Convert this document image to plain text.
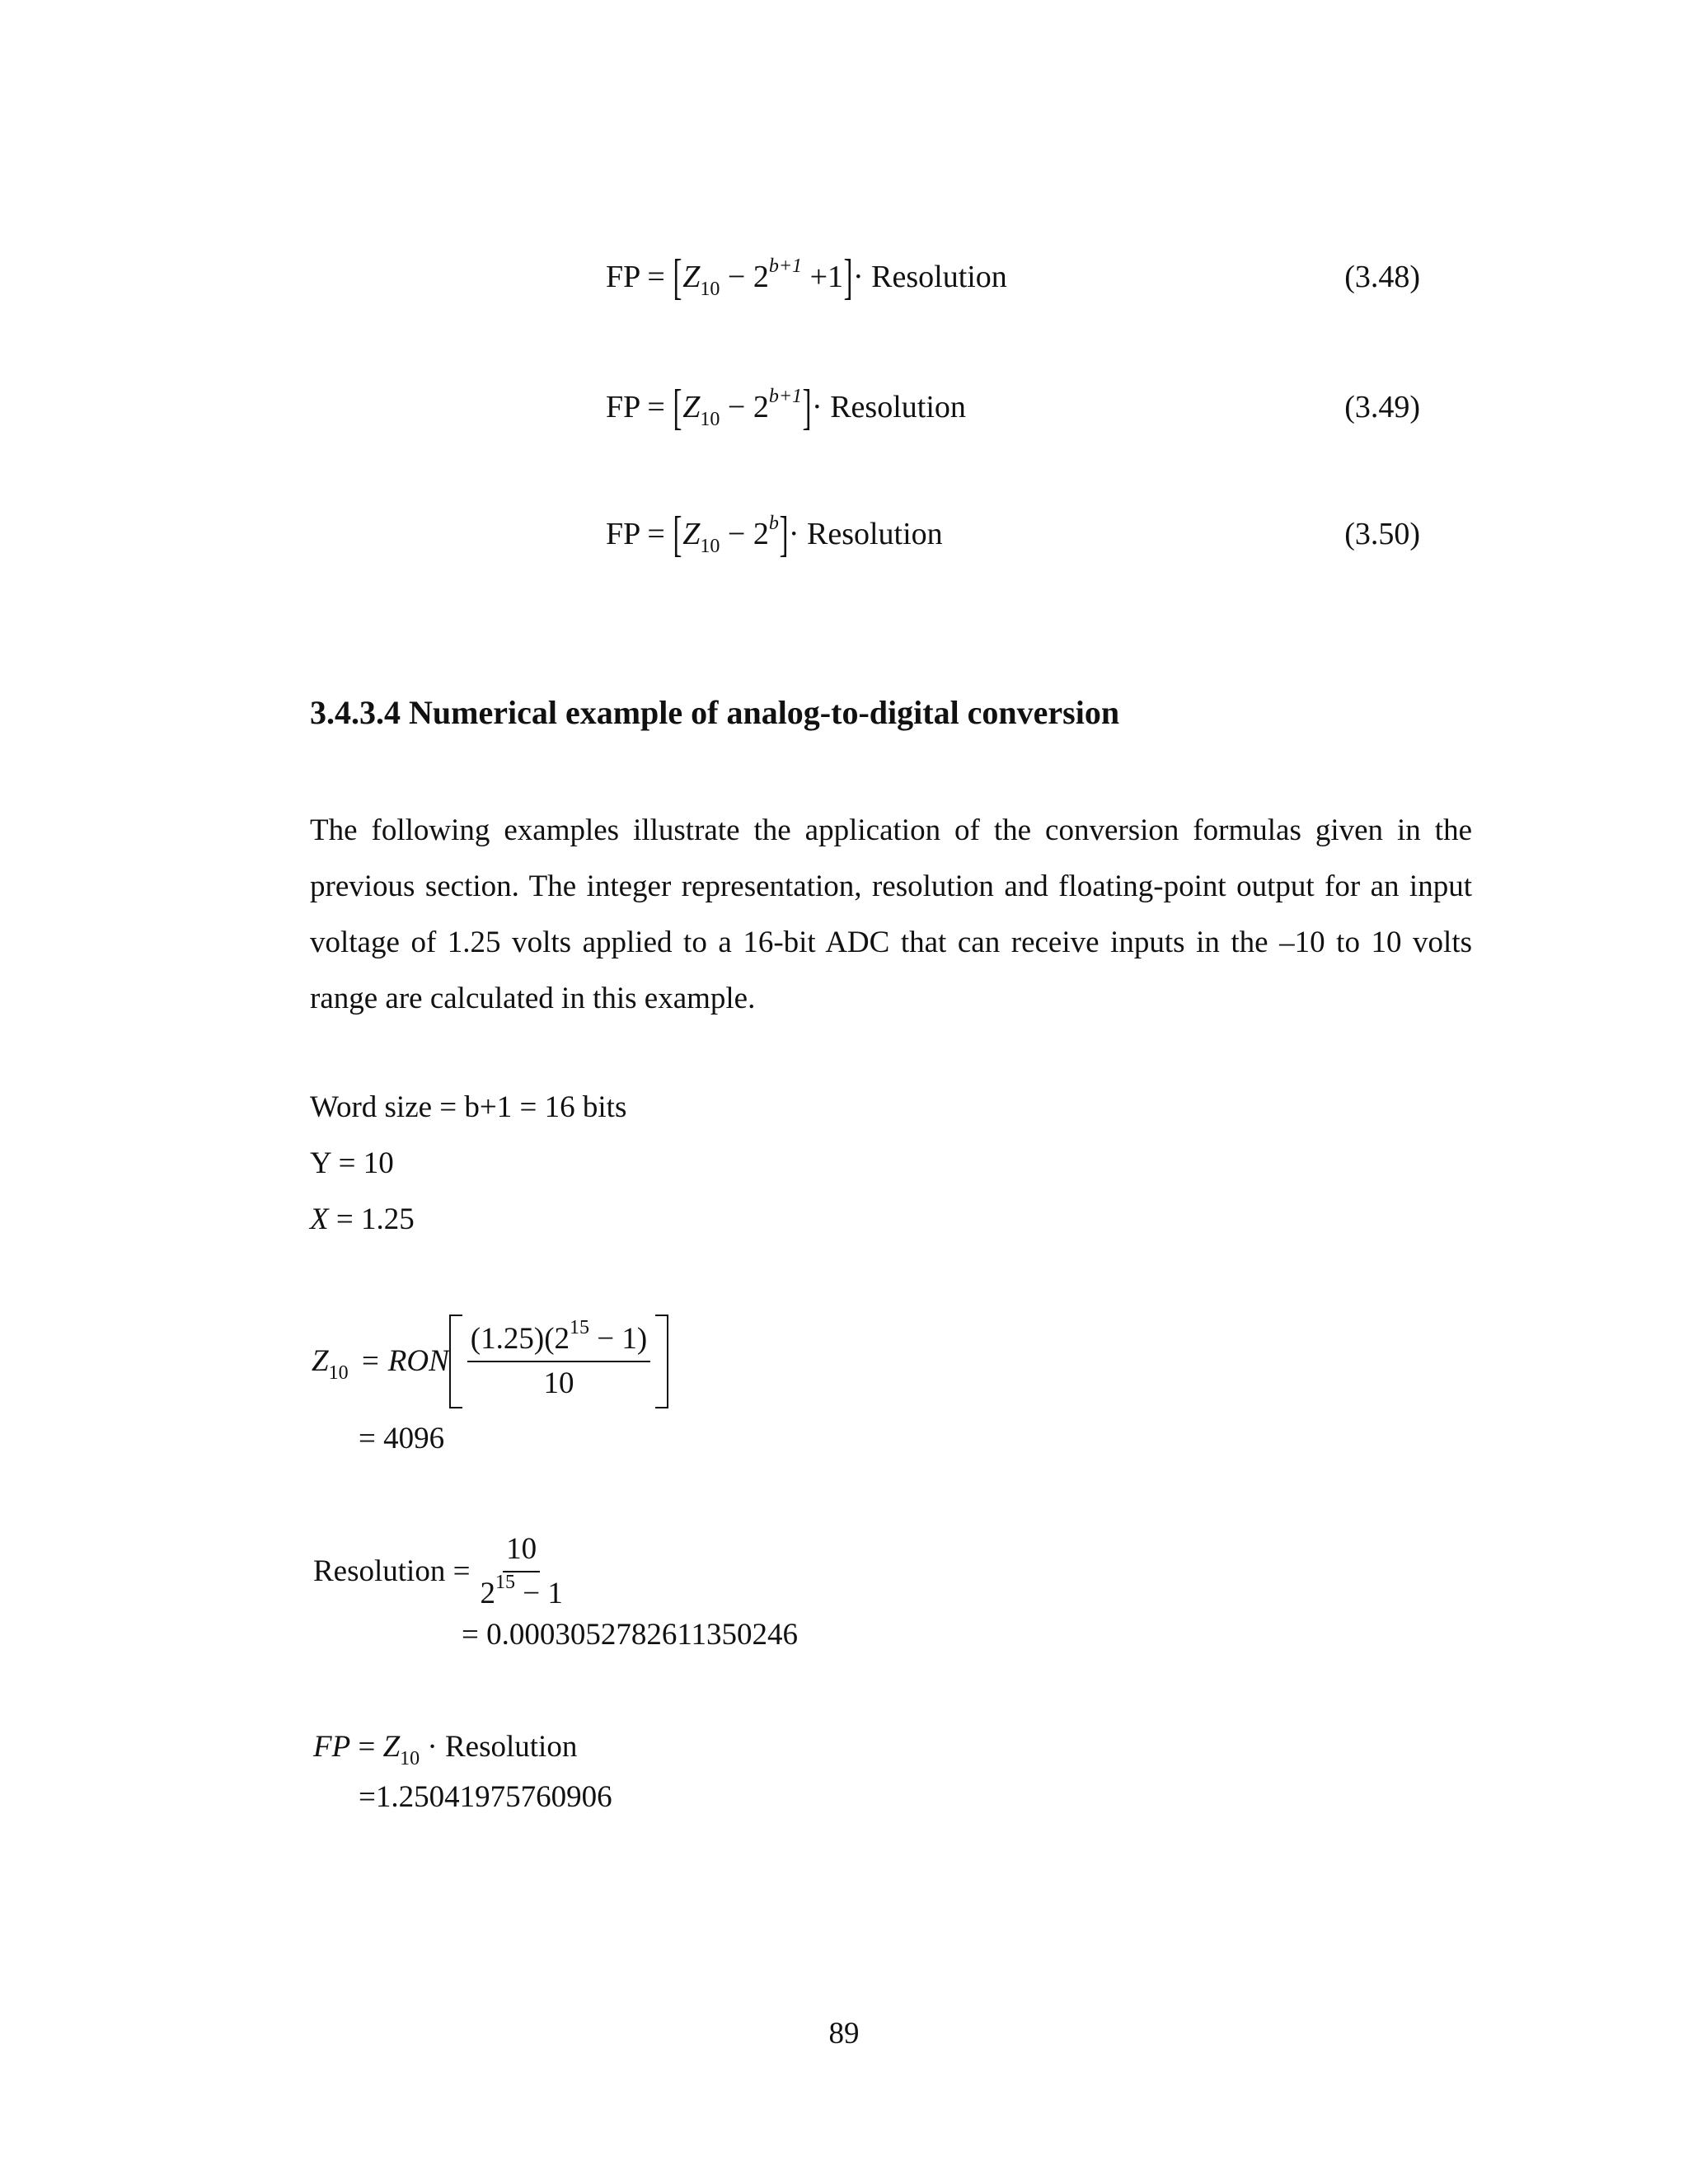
FP = $[Z_{10} - 2^{b+1} +1]\cdot$ Resolution	(3.48)
FP = $[Z_{10} - 2^{b+1}]\cdot$ Resolution	(3.49)
FP = $[Z_{10} - 2^b]\cdot$ Resolution	(3.50)
3.4.3.4 Numerical example of analog-to-digital conversion
The following examples illustrate the application of the conversion formulas given in the previous section. The integer representation, resolution and floating-point output for an input voltage of 1.25 volts applied to a 16-bit ADC that can receive inputs in the –10 to 10 volts range are calculated in this example.
Word size = b+1 = 16 bits
Y = 10
X = 1.25
$Z_{10}$ = RON $\frac{(1.25)(2^{15} - 1)}{10}$
= 4096
Resolution = $\frac{10}{2^{15} - 1}$
= 0.0003052782611350246
FP = $Z_{10}$ · Resolution
=1.25041975760906
89
